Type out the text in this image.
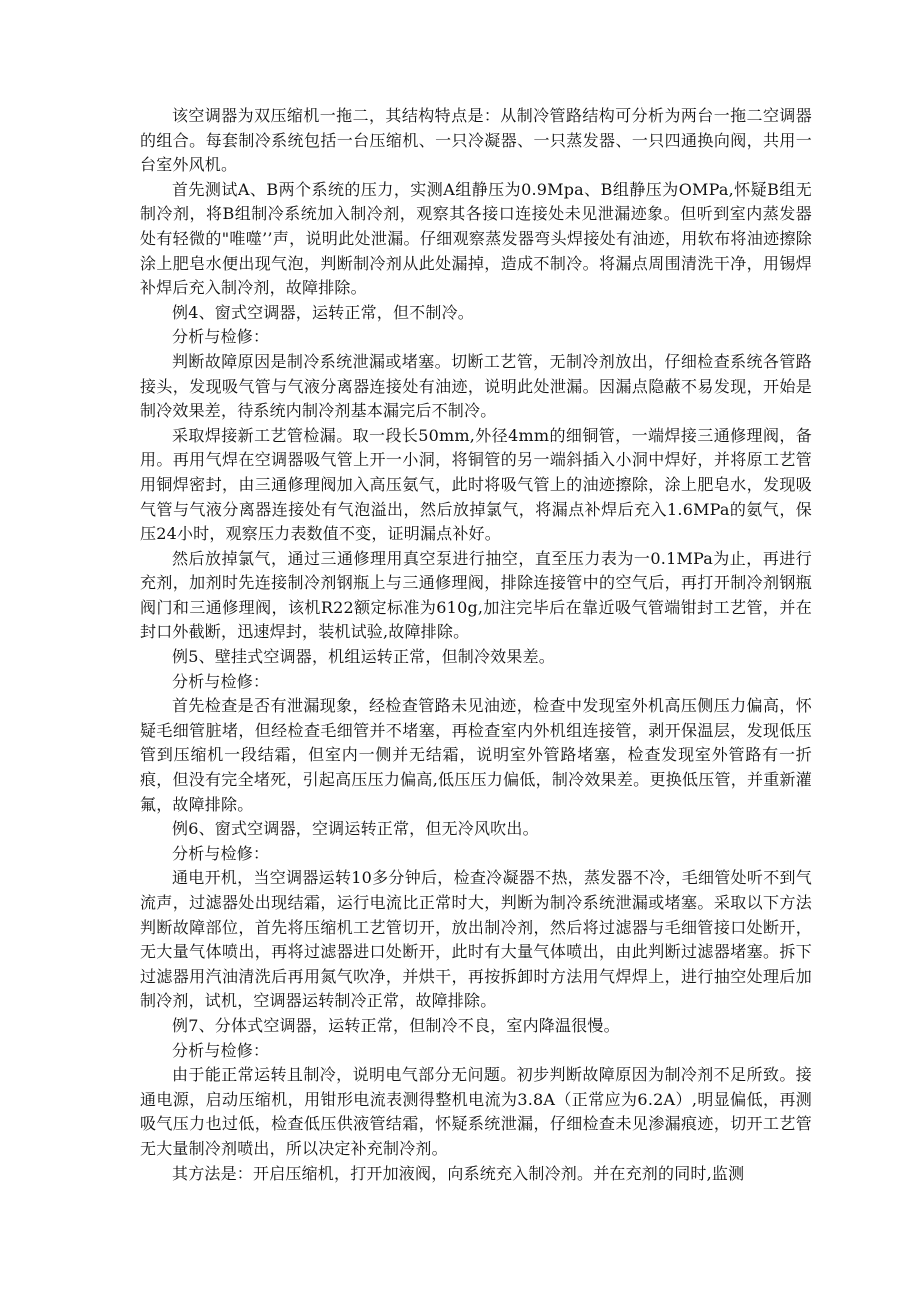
该空调器为双压缩机一拖二，其结构特点是：从制冷管路结构可分析为两台一拖二空调器的组合。每套制冷系统包括一台压缩机、一只冷凝器、一只蒸发器、一只四通换向阀，共用一台室外风机。

首先测试A、B两个系统的压力，实测A组静压为0.9Mpa、B组静压为OMPa,怀疑B组无制冷剂，将B组制冷系统加入制冷剂，观察其各接口连接处未见泄漏迹象。但听到室内蒸发器处有轻微的"唯噬’’声，说明此处泄漏。仔细观察蒸发器弯头焊接处有油迹，用软布将油迹擦除涂上肥皂水便出现气泡，判断制冷剂从此处漏掉，造成不制冷。将漏点周围清洗干净，用锡焊补焊后充入制冷剂，故障排除。

例4、窗式空调器，运转正常，但不制冷。

分析与检修：

判断故障原因是制冷系统泄漏或堵塞。切断工艺管，无制冷剂放出，仔细检查系统各管路接头，发现吸气管与气液分离器连接处有油迹，说明此处泄漏。因漏点隐蔽不易发现，开始是制冷效果差，待系统内制冷剂基本漏完后不制冷。

采取焊接新工艺管检漏。取一段长50mm,外径4mm的细铜管，一端焊接三通修理阀，备用。再用气焊在空调器吸气管上开一小洞，将铜管的另一端斜插入小洞中焊好，并将原工艺管用铜焊密封，由三通修理阀加入高压氨气，此时将吸气管上的油迹擦除，涂上肥皂水，发现吸气管与气液分离器连接处有气泡溢出，然后放掉氯气，将漏点补焊后充入1.6MPa的氨气，保压24小时，观察压力表数值不变，证明漏点补好。

然后放掉氯气，通过三通修理用真空泵进行抽空，直至压力表为一0.1MPa为止，再进行充剂，加剂时先连接制冷剂钢瓶上与三通修理阀，排除连接管中的空气后，再打开制冷剂钢瓶阀门和三通修理阀，该机R22额定标准为610g,加注完毕后在靠近吸气管端钳封工艺管，并在封口外截断，迅速焊封，装机试验,故障排除。

例5、壁挂式空调器，机组运转正常，但制冷效果差。

分析与检修：

首先检查是否有泄漏现象，经检查管路未见油迹，检查中发现室外机高压侧压力偏高，怀疑毛细管脏堵，但经检查毛细管并不堵塞，再检查室内外机组连接管，剥开保温层，发现低压管到压缩机一段结霜，但室内一侧并无结霜，说明室外管路堵塞，检查发现室外管路有一折痕，但没有完全堵死，引起高压压力偏高,低压压力偏低，制冷效果差。更换低压管，并重新灌氟，故障排除。

例6、窗式空调器，空调运转正常，但无冷风吹出。

分析与检修：

通电开机，当空调器运转10多分钟后，检查冷凝器不热，蒸发器不冷，毛细管处听不到气流声，过滤器处出现结霜，运行电流比正常时大，判断为制冷系统泄漏或堵塞。采取以下方法判断故障部位，首先将压缩机工艺管切开，放出制冷剂，然后将过滤器与毛细管接口处断开，无大量气体喷出，再将过滤器进口处断开，此时有大量气体喷出，由此判断过滤器堵塞。拆下过滤器用汽油清洗后再用氮气吹净，并烘干，再按拆卸时方法用气焊焊上，进行抽空处理后加制冷剂，试机，空调器运转制冷正常，故障排除。

例7、分体式空调器，运转正常，但制冷不良，室内降温很慢。

分析与检修：

由于能正常运转且制冷，说明电气部分无问题。初步判断故障原因为制冷剂不足所致。接通电源，启动压缩机，用钳形电流表测得整机电流为3.8A（正常应为6.2A）,明显偏低，再测吸气压力也过低，检查低压供液管结霜，怀疑系统泄漏，仔细检查未见渗漏痕迹，切开工艺管无大量制冷剂喷出，所以决定补充制冷剂。

其方法是：开启压缩机，打开加液阀，向系统充入制冷剂。并在充剂的同时,监测
